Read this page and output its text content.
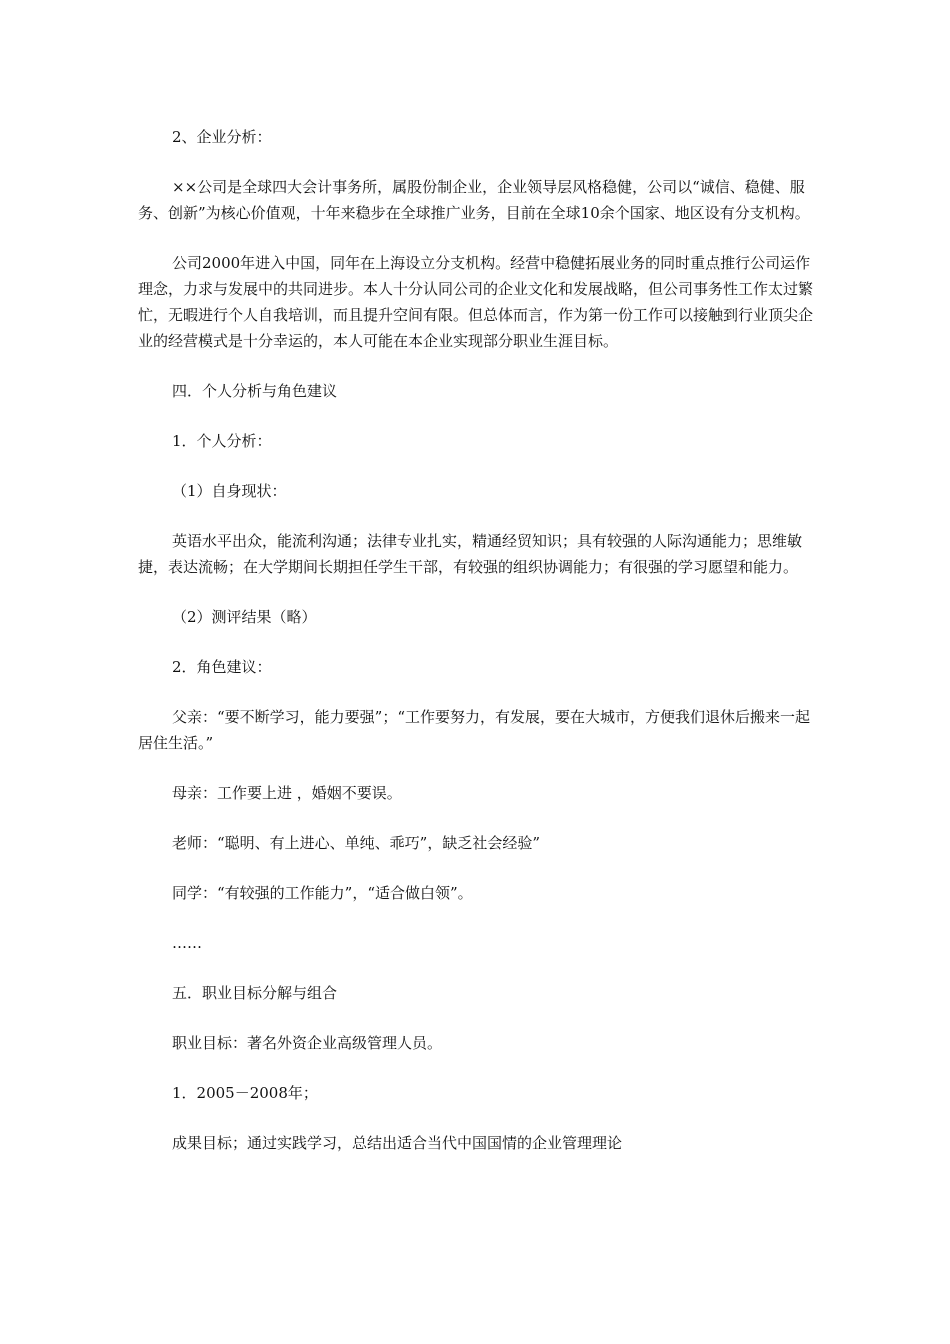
2、企业分析：

××公司是全球四大会计事务所，属股份制企业，企业领导层风格稳健，公司以“诚信、稳健、服务、创新”为核心价值观，十年来稳步在全球推广业务，目前在全球10余个国家、地区设有分支机构。

公司2000年进入中国，同年在上海设立分支机构。经营中稳健拓展业务的同时重点推行公司运作理念，力求与发展中的共同进步。本人十分认同公司的企业文化和发展战略，但公司事务性工作太过繁忙，无暇进行个人自我培训，而且提升空间有限。但总体而言，作为第一份工作可以接触到行业顶尖企业的经营模式是十分幸运的，本人可能在本企业实现部分职业生涯目标。

四．个人分析与角色建议

1．个人分析：

（1）自身现状：

英语水平出众，能流利沟通；法律专业扎实，精通经贸知识；具有较强的人际沟通能力；思维敏捷，表达流畅；在大学期间长期担任学生干部，有较强的组织协调能力；有很强的学习愿望和能力。

（2）测评结果（略）

2．角色建议：

父亲：“要不断学习，能力要强”；“工作要努力，有发展，要在大城市，方便我们退休后搬来一起居住生活。”

母亲：工作要上进 ，婚姻不要误。

老师：“聪明、有上进心、单纯、乖巧”，缺乏社会经验”

同学：“有较强的工作能力”，“适合做白领”。

……

五．职业目标分解与组合

职业目标：著名外资企业高级管理人员。

1．2005－2008年；

成果目标；通过实践学习，总结出适合当代中国国情的企业管理理论
